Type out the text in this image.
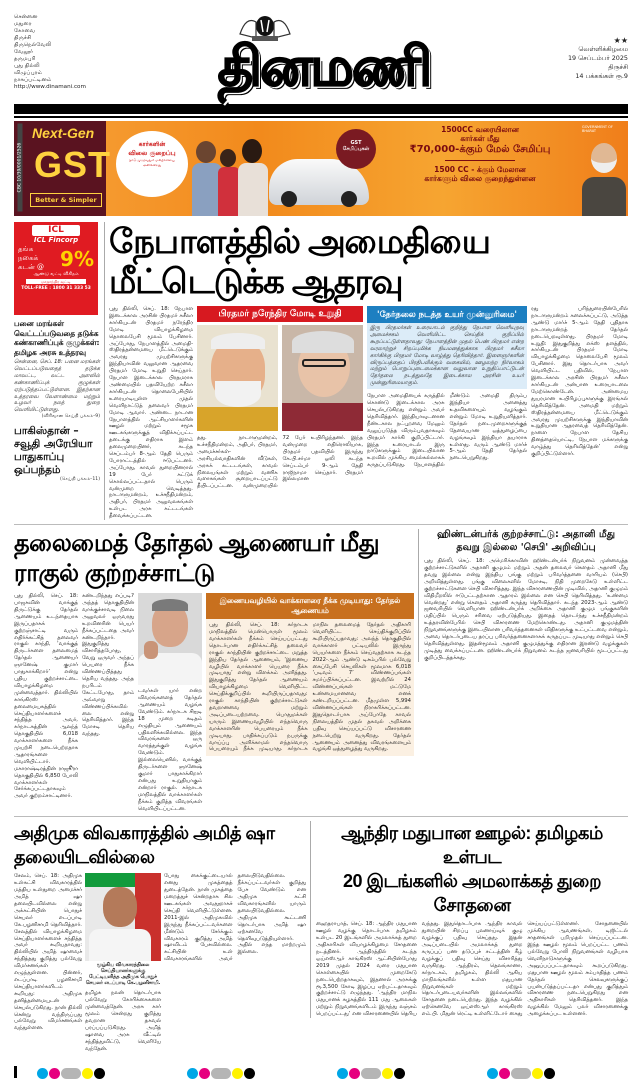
சென்னை
மதுரை
கோவை
திருச்சி
திருநெல்வேலி
வேலூர்
தருமபுரி
புது தில்லி
விழுப்புரம்
நாகப்பட்டினம்
http://www.dinamani.com	தினமணி	★★
வெள்ளிக்கிழமை
19 செப்டம்பர் 2025
திருச்சி
14 பக்கங்கள் ரூ.9
CBC 10/39/0001/2526
Next-Gen
GST
Better & Simpler
கார்களின்
விலை குறைப்பு
நாடு முழுவதும் மகிழ்ச்சியை அளிக்கிறது
GST சேமிப்புகள்
1500CC வரையிலான
கார்கள் மீது
₹70,000-க்கும் மேல் சேமிப்பு
1500 CC - க்கும் மேலான
கார்களும் விலை குறைந்துள்ளன
GOVERNMENT OF BHARAT
ICL
ICL Fincorp
தங்க
நகைக்
கடன் @ 9%
ஆண்டு வட்டி விகிதம்
மாதாந்திர வட்டி
TOLL-FREE : 1800 31 333 53
பனை மரங்கள் வெட்டப்படுவதை தடுக்க கண்காணிப்புக் குழுக்கள்: தமிழக அரசு உத்தரவு
சென்னை, செப். 18: பனை மரங்கள் வெட்டப்படுவதைத் தடுக்க மாவட்ட, வட்ட அளவில் கண்காணிப்புக் குழுக்கள் ஏற்படுத்தப்பட்டுள்ளன. இதற்கான உத்தரவை வேளாண்மை மற்றும் உழவர் நலத் துறை வெளியிட்டுள்ளது.
(விரிவான செய்தி பக்கம்–9)
பாகிஸ்தான் – சவூதி அரேபியா பாதுகாப்பு ஒப்பந்தம்
(செய்தி பக்கம்–11)
நேபாளத்தில் அமைதியை மீட்டெடுக்க ஆதரவு
புது தில்லி, செப். 18: நேபாள இடைக்கால அரசின் பிரதமர் சுசீலா கார்கியுடன் பிரதமர் நரேந்திர மோடி வியாழக்கிழமை தொலைபேசி மூலம் பேசினார். அப்போது, நேபாளத்தில் அமைதி-ஸ்திரத்தன்மையை மீட்டெடுக்கும் அவரது முயற்சிகளுக்கு இந்தியாவின் வலுவான ஆதரவை பிரதமர் மோடி உறுதி செய்தார். நேபாள இடைக்கால பிரதமராக அண்மையில் பதவியேற்ற சுசீலா கார்கியுடன் தொலைபேசியில் உரையாடியுள்ள முதல் வெளிநாட்டுத் தலைவர் பிரதமர் மோடி ஆவார். அண்டை நாடான நேபாளத்தில் ஆட்சியாளர்களின் ஊழல் மற்றும் சமூக ஊடகங்களுக்குத் விதிக்கப்பட்ட தடைக்கு எதிராக இளம் தலைமுறையினர், கடந்த செப்டம்பர் 8-ஆம் தேதி பெரும் போராட்டத்தில் ஈடுபட்டனர். அப்போது, காவல் துறையினரால் 19 பேர் சுட்டுக் கொல்லப்பட்டதால் பெரும் வன்முறை வெடித்தது. நாடாளுமன்றம், உச்சநீதிமன்றம், அதிபர், பிரதமர் அலுவலகங்கள் உள்பட அரசு கட்டடங்கள் தீவைக்கப்பட்டன.
பிரதமர் நரேந்திர மோடி உறுதி
தது. நாடாளுமன்றம், உச்சநீதிமன்றம், அதிபர், பிரதமர், அமைச்சர்கள்-அரசியல்வாதிகளின் வீடுகள், அரசுக் கட்டடங்கள், காவல் நிலையங்கள் மற்றும் வணிக வளாகங்கள் சூறையாடப்பட்டு தீயிடப்பட்டன. வன்முறையில் 72 பேர் உயிரிழந்தனர். இந்த வன்முறை எதிரொலியாக, பிரதமர் பதவியில் இருந்து கே.பி.சர்மா ஓலி கடந்த செப்டம்பர் 9-ஆம் தேதி ராஜிநாமா செய்தார். பிரதமர் இல்லமான
'தேர்தலை நடத்த உயர் முன்னுரிமை'
இரு பிரதமர்கள் உரையாடல் குறித்து நேபாள வெளியுறவு அமைச்சகம் வெளியிட்ட செய்திக் குறிப்பில் கூறப்பட்டுள்ளதாவது: நேபாளத்தின் முதல் பெண் பிரதமர் என்ற வரலாற்றுச் சிறப்புமிக்க நியமனத்துக்காக பிரதமர் சுசீலா கார்கிக்கு பிரதமர் மோடி வாழ்த்து தெரிவித்தார். இளைஞர்களின் விருப்பத்தைப் பிரதிபலிக்கும் வகையில், ஊழலற்ற நிர்வாகம் மற்றும் பொறுப்புடைமைக்கான வலுவான உறுதிப்பாட்டுடன் தேர்தலை நடத்துவதே இடைக்கால அரசின் உயர் முன்னுரிமையாகும்.
நேபாள அமைதியைக் கருத்தில் கொண்டு இடைக்கால அரசு செயல்படுகிறது என்றும் அவர் தெரிவித்தார். இந்தியாவுடனான நீண்டகால நட்புறவை மேலும் வலுப்படுத்த விரும்புவதாகவும் பிரதமர் கார்கி குறிப்பிட்டார். இந்த உரையாடல் இரு நாடுகளுக்கும் இடையிலான உறவில் முக்கிய மைல்கல்லாகக் கருதப்படுகிறது. நேபாளத்தில் மீண்டும் அமைதி திரும்ப இந்தியா அனைத்து உதவிகளையும் வழங்கும் என்றும் மோடி உறுதியளித்தார். தேர்தல் நடைமுறைகளுக்குத் தேவையான ஒத்துழைப்பை வழங்கவும் இந்தியா தயாராக உள்ளது. வரும் ஆண்டு மார்ச் 5-ஆம் தேதி தேர்தல் நடைபெறுகிறது.
ரது பரிந்துரையின்பேரில் நாடாளுமன்றம் கலைக்கப்பட்டு, அடுத்த ஆண்டு மார்ச் 5-ஆம் தேதி புதிதாக நாடாளுமன்றத் தேர்தல் நடைபெறவுள்ளது. பிரதமர் மோடி உறுதி: இதுகுறித்து எக்ஸ் தளத்தில், கார்கியுடன் பிரதமர் மோடி வியாழக்கிழமை தொலைபேசி மூலம் பேசினார். இது தொடர்பாக அவர் வெளியிட்ட பதிவில், ‘நேபாள இடைக்கால அரசின் பிரதமர் சுசீலா கார்கியுடன் அன்பான உரையாடலை மேற்கொண்டேன். அண்மைய துயரமான உயிரிழப்புகளுக்கு இரங்கல் தெரிவித்தேன். அமைதி மற்றும் ஸ்திரத்தன்மையை மீட்டெடுக்கும் அவரது முயற்சிகளுக்கு இந்தியாவின் உறுதியான ஆதரவைத் தெரிவித்தேன். நாளை நேபாள தேசிய தினத்தையொட்டி, நேபாள மக்களுக்கு வாழ்த்து தெரிவித்தேன்’ என்று குறிப்பிட்டுள்ளார்.
தலைமைத் தேர்தல் ஆணையர் மீது ராகுல் குற்றச்சாட்டு
புது தில்லி, செப். 18: பாஜகவின் வாக்குத் திருட்டுக்கு தேர்தல் ஆணையம் உடந்தையாக இருப்பதாகக் குற்றஞ்சாட்டி வரும் எதிர்க்கட்சித் தலைவர் ராகுல் காந்தி, ‘வாக்குத் திருடர்களை தலைமைத் தேர்தல் ஆணையர் ஞானேஷ் குமார் பாதுகாக்கிறார்’ என்று புதிய குற்றச்சாட்டை வியாழக்கிழமை முன்வைத்தார். தில்லியில் காங்கிரஸ் தலைமையகத்தில் செய்தியாளர்களைச் சந்தித்த அவர், கர்நாடகத்தின் ஆலந்த் தொகுதியில் 6,018 வாக்காளர்களை நீக்க முயற்சி நடைபெற்றதாக ஆதாரங்களை வெளியிட்டார். மகாராஷ்டிரத்தின் ராஜூரா தொகுதியில் 6,850 போலி வாக்காளர்கள் சேர்க்கப்பட்டதாகவும் அவர் குற்றம்சாட்டினார்.
கண்டறிந்தது எப்படி? அந்தத் தொகுதியின் வாக்குச்சாவடி நிலை அலுவலர் ஒருவரது உறவினரின் பெயர் நீக்கப்பட்டதை அவர் கண்டறிந்தார். இதுகுறித்து விசாரித்தபோது, வேறு ஒருவர் அந்தப் பெயரை நீக்க விண்ணப்பித்தது தெரிய வந்தது. அந்த நபரிடம் கேட்டபோது, தாம் அவ்வாறு விண்ணப்பிக்கவில்லை என்று தெரிவித்தார். இந்த மோசடி தெரிய வந்தது.
டவர்கள் யார் என்ற விவரங்களைத் தேர்தல் ஆணையம் வழங்க வேண்டும். கர்நாடக சிஐடி 18 முறை கடிதம் எழுதியும் ஆணையம் பதிலளிக்கவில்லை. இந்த விவரங்களை ஒரு வாரத்துக்குள் வழங்க வேண்டும். இல்லையெனில், வாக்குத் திருடர்களை ஞானேஷ் குமார் பாதுகாக்கிறார் என்பது உறுதியாகும் என்றார் ராகுல். கர்நாடக மாநிலத்தில் வாக்காளர்கள் நீக்கம் குறித்த விவரங்கள் வெளியிடப்பட்டன.
இணையவழியில் வாக்காளரை நீக்க முடியாது: தேர்தல் ஆணையம்
புது தில்லி, செப். 18: கர்நாடக மாநிலத்தில் மென்பொருள் மூலம் வாக்காளர்கள் நீக்கம் செய்யப்பட்டது தொடர்பான எதிர்க்கட்சித் தலைவர் ராகுல் காந்தியின் குற்றச்சாட்டை மறுத்த இந்திய தேர்தல் ஆணையம், ‘இணைய வழியில் வாக்காளர் பெயரை நீக்க முடியாது’ என்று விளக்கம் அளித்தது. இதுகுறித்து தேர்தல் ஆணையம் வியாழக்கிழமை வெளியிட்ட செய்திக்குறிப்பில் கூறியிருப்பதாவது: ராகுல் காந்தியின் குற்றச்சாட்டுகள் தவறானவை மற்றும் அடிப்படையற்றவை. பொதுமக்கள் யாரும் இணையவழியில் எந்தவொரு வாக்காளரின் பெயரையும் நீக்க முடியாது. பாதிக்கப்படும் நபருக்கு வாய்ப்பு அளிக்காமல் எந்தவொரு பெயரையும் நீக்க முடியாது. கர்நாடக மாநில தலைமைத் தேர்தல் அதிகாரி வெளியிட்ட செய்திக்குறிப்பில் கூறியிருப்பதாவது: அலந்த் தொகுதியில் வாக்காளர் பட்டியலில் இருந்து பெயர்களை நீக்கம் செய்வதற்காக கடந்த 2022-ஆம் ஆண்டு டிசம்பரில் பல்வேறு கைப்பேசி செயலிகள் மூலமாக 6,018 ‘படிவம் 7’ விண்ணப்பங்கள் சமர்ப்பிக்கப்பட்டன. இவற்றில் 24 விண்ணப்பங்கள் மட்டுமே உண்மையானவை எனக் கண்டறியப்பட்டன. மீதமுள்ள 5,994 விண்ணப்பங்கள் நிராகரிக்கப்பட்டன. இதுதொடர்பாக அப்போதே காவல் நிலையத்தில் முதல் தகவல் அறிக்கை பதிவு செய்யப்பட்டு விசாரணை நடைபெற்று வருகிறது. தேர்தல் ஆணையம் அனைத்து விவரங்களையும் வழங்கி ஒத்துழைத்து வருகிறது.
ஹிண்டன்பர்க் குற்றச்சாட்டு: அதானி மீது தவறு இல்லை 'செபி' அறிவிப்பு
புது தில்லி, செப். 18: அமெரிக்காவின் ஹிண்டன்பர்க் நிறுவனம் முன்வைத்த குற்றச்சாட்டுகளில் அதானி குழுமம் மற்றும் அதன் தலைவர் கௌதம் அதானி மீது தவறு இல்லை என்று இந்திய பங்கு மற்றும் பரிவர்த்தனை வாரியம் (செபி) அறிவித்துள்ளது. பங்கு விலைகளில் மோசடி, நிதி முறைகேடு உள்ளிட்ட குற்றச்சாட்டுகளை செபி விசாரித்தது. இந்த விசாரணையின் முடிவில், அதானி குழுமம் விதிமீறலில் ஈடுபட்டதற்கான ஆதாரம் இல்லை என செபி தெரிவித்தது. ‘உண்மை வென்றது’ என்று கௌதம் அதானி கருத்து தெரிவித்தார். கடந்த 2023-ஆம் ஆண்டு ஜனவரியில் வெளியான ஹிண்டன்பர்க் அறிக்கை அதானி குழும பங்குகளின் மதிப்பில் பெரும் சரிவை ஏற்படுத்தியது. இதைத் தொடர்ந்து உச்சநீதிமன்றம் உத்தரவின்பேரில் செபி விசாரணை மேற்கொண்டது. அதானி குழுமத்தின் நிறுவனங்களுக்கு இடையிலான பரிவர்த்தனைகள் விதிகளுக்கு உட்பட்டவை என்றும், அவை தொடர்புடைய தரப்பு பரிவர்த்தனைகளாகக் கருதப்பட முடியாது என்றும் செபி தெரிவித்துள்ளது. இதன்மூலம் அதானி குழுமத்துக்கு எதிரான இரண்டு வழக்குகள் முடித்து வைக்கப்பட்டன. ஹிண்டன்பர்க் நிறுவனம் கடந்த ஜனவரியில் மூடப்பட்டது குறிப்பிடத்தக்கது.
அதிமுக விவகாரத்தில் அமித் ஷா தலையிடவில்லை
சேலம், செப். 18: அதிமுக உள்கட்சி விவகாரத்தில் மத்திய உள்துறை அமைச்சர் அமித் ஷா தலையிடவில்லை என்று அக்கட்சியின் பொதுச் செயலர் எடப்பாடி கே.பழனிசாமி தெரிவித்தார். சேலத்தில் வியாழக்கிழமை செய்தியாளர்களைச் சந்தித்த அவர் கூறியதாவது: தில்லியில் அமித் ஷாவைச் சந்தித்தது குறித்து பல்வேறு விமர்சனங்கள் எழுந்துள்ளன. பின்னர், எடப்பாடி பழனிசாமி செய்தியாளர்களிடம் கூறியது: அதிமுக தனித்தன்மையுடன் செயல்படுகிறது. நான் தில்லி சென்று வந்திருப்பது பல்வேறு விமர்சனங்கள் வந்துள்ளன.
மூழ்கிய விவகாரத்திலை செய்தியாளர்களுக்கு பேட்டியளித்த அதிமுக பொதுச் செயலர் எடப்பாடி கே.பழனிசாமி.
தமிழக நலன் தொடர்பாக பல்வேறு கோரிக்கைகளை முன்வைத்தேன். அரசு கார் மூலம் சென்றது குறித்து தவறான தகவல் பரப்பப்படுகிறது. அமித் ஷாவை அரசு வீட்டில் சந்தித்துவிட்டு, வெளியே வந்தேன்.
போது கைக்குட்டையால் எனது முகத்தைத் துடைத்தேன். நான் முகத்தை மறைத்துச் சென்றதாக சில ஊடகங்கள் அவதூறாகச் செய்தி வெளியிட்டுள்ளன. 2011-இல் அதிமுகவில் இருந்து நீக்கப்பட்டவர்களை மீண்டும் சேர்க்கும் விவகாரம் குறித்து அமித் ஷாவிடம் பேசவில்லை. கட்சியின் உள் விவகாரங்களில் அவர் தலையிடுவதில்லை. நீக்கப்பட்டவர்கள் குறித்து பேச வேண்டும் என அதிமுக கட்சி விவகாரங்களில் யாரும் தலையிடுவதில்லை. அதிமுக கூட்டணி தொடர்பாக அமித் ஷா ஏற்கனவே தெளிவுபடுத்தியுள்ளார். அதில் எந்த மாற்றமும் இல்லை.
ஆந்திர மதுபான ஊழல்: தமிழகம் உள்பட
20 இடங்களில் அமலாக்கத் துறை சோதனை
ஹைதராபாத், செப். 18: ஆந்திர மதுபான ஊழல் வழக்கு தொடர்பாக தமிழகம் உள்பட 20 இடங்களில் அமலாக்கத் துறை அதிகாரிகள் வியாழக்கிழமை சோதனை நடத்தினர். ஆந்திரத்தில் கடந்த ஒய்எஸ்ஆர் காங்கிரஸ் ஆட்சியின்போது 2019 முதல் 2024 வரை மதுபான கொள்கையில் முறைகேடு நடைபெற்றதாகவும், இதனால் அரசுக்கு ரூ.3,500 கோடி இழப்பு ஏற்பட்டதாகவும் குற்றச்சாட்டு எழுந்தது. ‘ஆந்திர மாநில மதுபானக் கழகத்தில் 111 மது ஆலைகள் மற்றும் நிறுவனங்களிடம் இருந்து லஞ்சம் பெறப்பட்டது’ என விசாரணையில் தெரிய வந்தது. இதுதொடர்பாக ஆந்திர காவல் துறையின் சிறப்பு புலனாய்வுக் குழு வழக்குப் பதிவு செய்தது. இதன் அடிப்படையில் அமலாக்கத் துறை கருப்புப் பண தடுப்புச் சட்டத்தின் கீழ் வழக்குப் பதிவு செய்து விசாரித்து வருகிறது. ஆந்திரம், தெலங்கானா, கர்நாடகம், தமிழகம், தில்லி ஆகிய மாநிலங்களில் உள்ள மதுபான நிறுவனங்கள் மற்றும் தொடர்புடையவர்களின் இல்லங்களில் சோதனை நடைபெற்றது. இந்த வழக்கில் ஏற்கெனவே ஒய்எஸ்ஆர் காங்கிரஸ் எம்.பி. மிதுன் ரெட்டி உள்ளிட்டோர் கைது செய்யப்பட்டுள்ளனர். சோதனையில் முக்கிய ஆவணங்கள், டிஜிட்டல் சாதனங்கள் பறிமுதல் செய்யப்பட்டன. இந்த ஊழல் மூலம் பெறப்பட்ட பணம் பல்வேறு போலி நிறுவனங்கள் வழியாக வெளிநாடுகளுக்கு அனுப்பப்பட்டதாகவும் கூறப்படுகிறது. மதுபான ஊழல் மூலம் சம்பாதித்த பணம் தேர்தல் செலவுகளுக்குப் பயன்படுத்தப்பட்டதா என்பது குறித்தும் விசாரணை நடைபெறுகிறது என அதிகாரிகள் தெரிவித்தனர். இந்த வழக்கில் மேலும் பலர் விசாரணைக்கு அழைக்கப்பட உள்ளனர்.
